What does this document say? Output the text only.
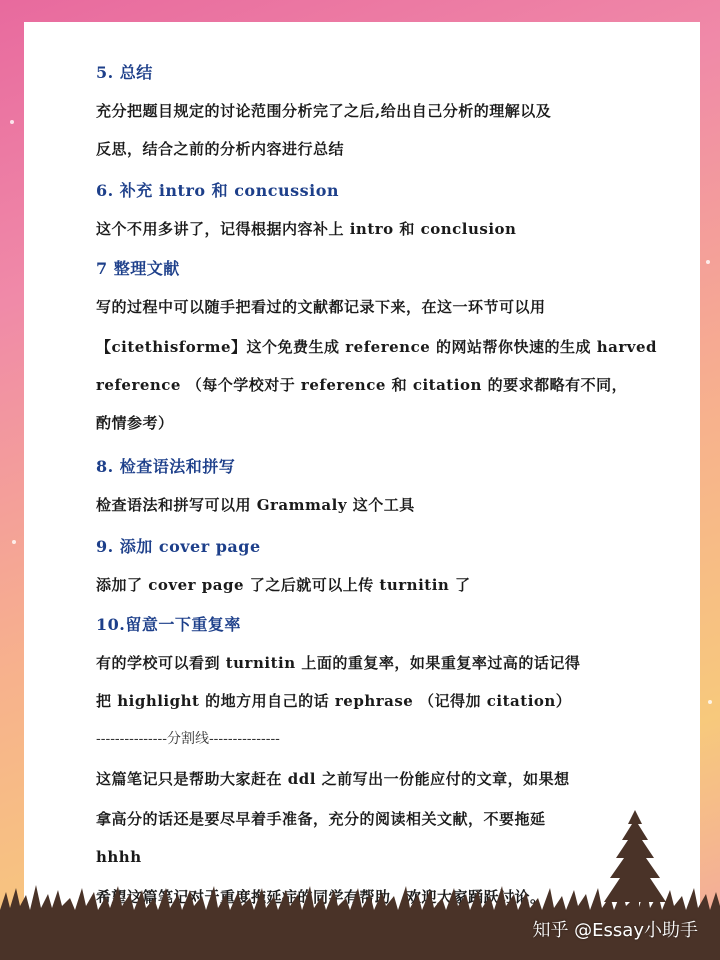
5. 总结
充分把题目规定的讨论范围分析完了之后,给出自己分析的理解以及
反思，结合之前的分析内容进行总结
6. 补充 intro 和 concussion
这个不用多讲了，记得根据内容补上 intro 和 conclusion
7 整理文献
写的过程中可以随手把看过的文献都记录下来，在这一环节可以用
【citethisforme】这个免费生成 reference 的网站帮你快速的生成 harved
reference （每个学校对于 reference 和 citation 的要求都略有不同，
酌情参考）
8. 检查语法和拼写
检查语法和拼写可以用 Grammaly 这个工具
9. 添加 cover page
添加了 cover page 了之后就可以上传 turnitin 了
10.留意一下重复率
有的学校可以看到 turnitin 上面的重复率，如果重复率过高的话记得
把 highlight 的地方用自己的话 rephrase （记得加 citation）
---------------分割线---------------
这篇笔记只是帮助大家赶在 ddl 之前写出一份能应付的文章，如果想
拿高分的话还是要尽早着手准备，充分的阅读相关文献，不要拖延
hhhh
希望这篇笔记对于重度拖延症的同学有帮助，欢迎大家踊跃讨论。
知乎 @Essay小助手
